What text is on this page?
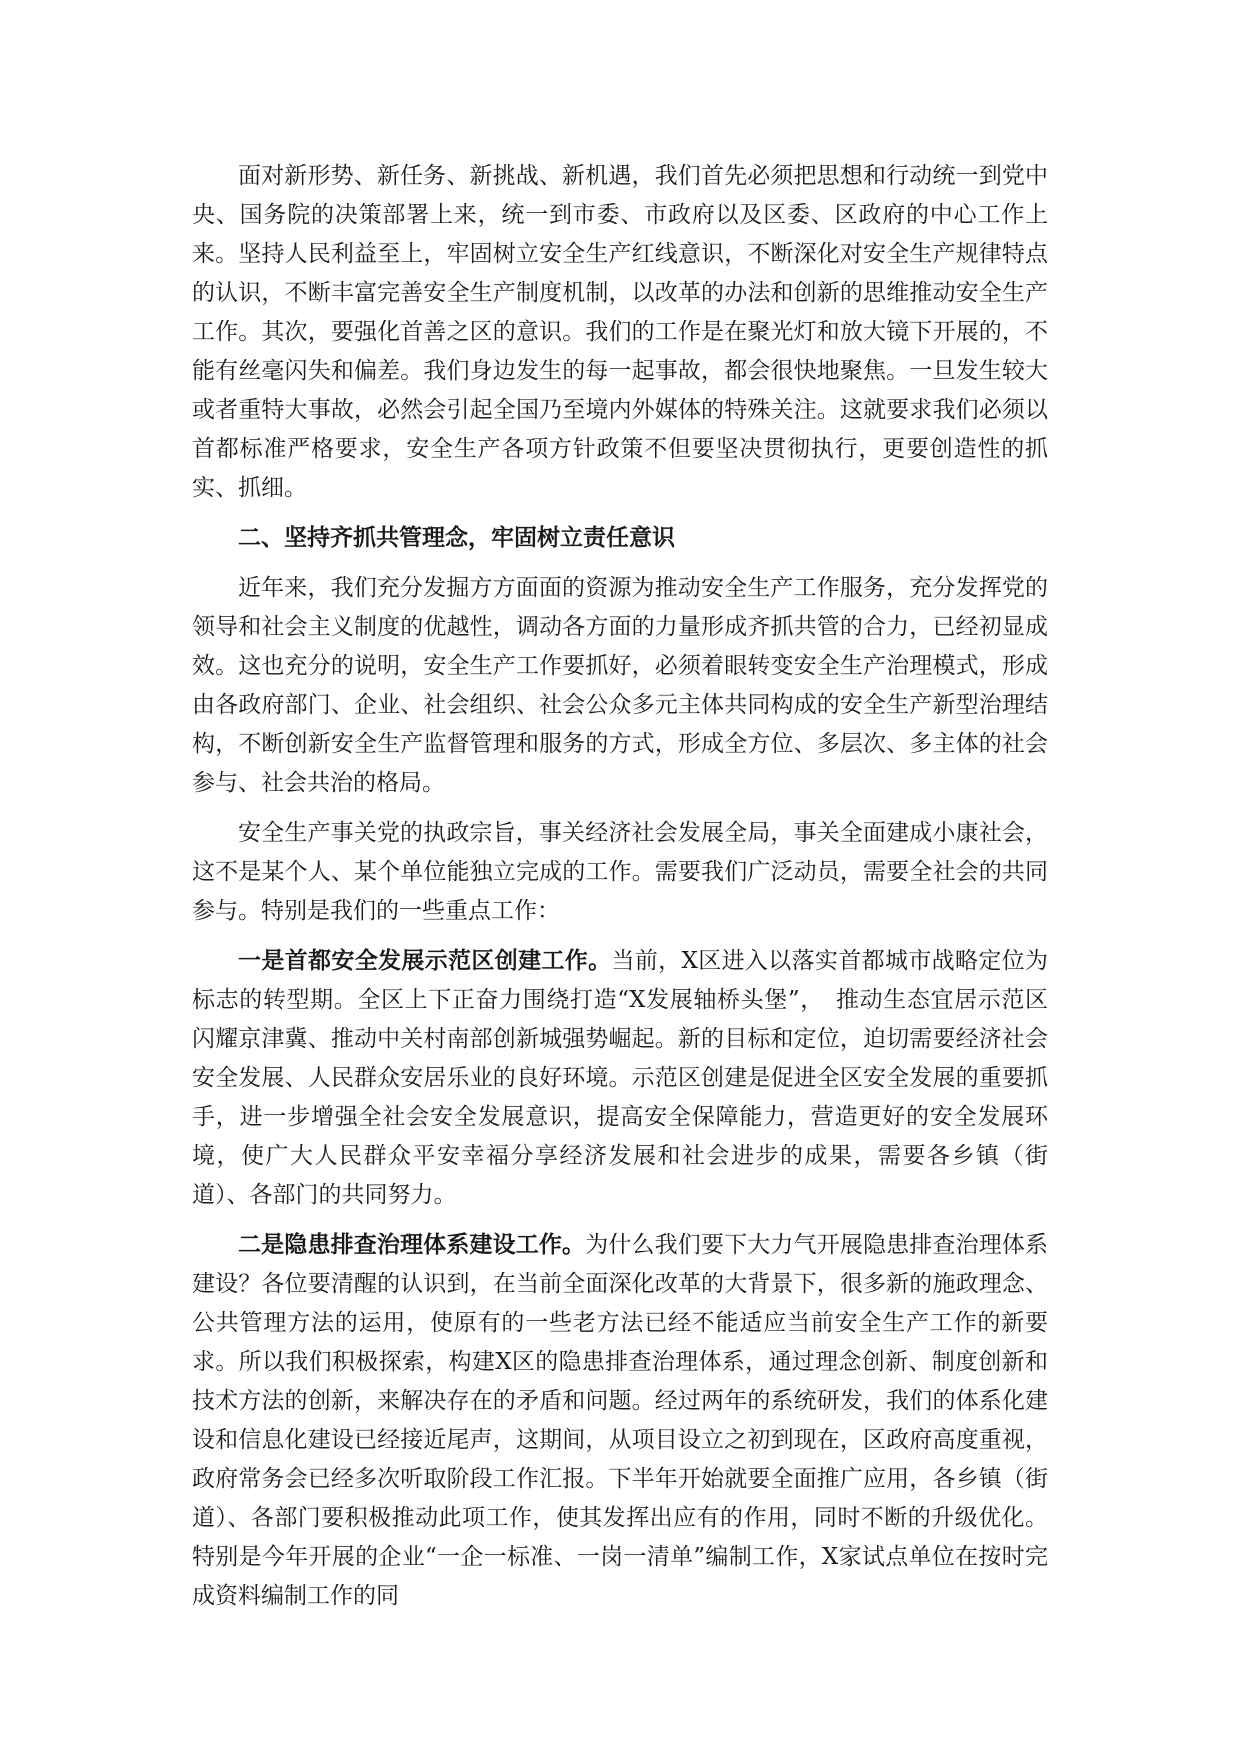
面对新形势、新任务、新挑战、新机遇，我们首先必须把思想和行动统一到党中央、国务院的决策部署上来，统一到市委、市政府以及区委、区政府的中心工作上来。坚持人民利益至上，牢固树立安全生产红线意识，不断深化对安全生产规律特点的认识，不断丰富完善安全生产制度机制，以改革的办法和创新的思维推动安全生产工作。其次，要强化首善之区的意识。我们的工作是在聚光灯和放大镜下开展的，不能有丝毫闪失和偏差。我们身边发生的每一起事故，都会很快地聚焦。一旦发生较大或者重特大事故，必然会引起全国乃至境内外媒体的特殊关注。这就要求我们必须以首都标准严格要求，安全生产各项方针政策不但要坚决贯彻执行，更要创造性的抓实、抓细。

二、坚持齐抓共管理念，牢固树立责任意识

近年来，我们充分发掘方方面面的资源为推动安全生产工作服务，充分发挥党的领导和社会主义制度的优越性，调动各方面的力量形成齐抓共管的合力，已经初显成效。这也充分的说明，安全生产工作要抓好，必须着眼转变安全生产治理模式，形成由各政府部门、企业、社会组织、社会公众多元主体共同构成的安全生产新型治理结构，不断创新安全生产监督管理和服务的方式，形成全方位、多层次、多主体的社会参与、社会共治的格局。

安全生产事关党的执政宗旨，事关经济社会发展全局，事关全面建成小康社会，这不是某个人、某个单位能独立完成的工作。需要我们广泛动员，需要全社会的共同参与。特别是我们的一些重点工作：

一是首都安全发展示范区创建工作。当前，X区进入以落实首都城市战略定位为标志的转型期。全区上下正奋力围绕打造“X发展轴桥头堡”，　推动生态宜居示范区闪耀京津冀、推动中关村南部创新城强势崛起。新的目标和定位，迫切需要经济社会安全发展、人民群众安居乐业的良好环境。示范区创建是促进全区安全发展的重要抓手，进一步增强全社会安全发展意识，提高安全保障能力，营造更好的安全发展环境，使广大人民群众平安幸福分享经济发展和社会进步的成果，需要各乡镇（街道）、各部门的共同努力。

二是隐患排查治理体系建设工作。为什么我们要下大力气开展隐患排查治理体系建设？各位要清醒的认识到，在当前全面深化改革的大背景下，很多新的施政理念、公共管理方法的运用，使原有的一些老方法已经不能适应当前安全生产工作的新要求。所以我们积极探索，构建X区的隐患排查治理体系，通过理念创新、制度创新和技术方法的创新，来解决存在的矛盾和问题。经过两年的系统研发，我们的体系化建设和信息化建设已经接近尾声，这期间，从项目设立之初到现在，区政府高度重视，政府常务会已经多次听取阶段工作汇报。下半年开始就要全面推广应用，各乡镇（街道）、各部门要积极推动此项工作，使其发挥出应有的作用，同时不断的升级优化。特别是今年开展的企业“一企一标准、一岗一清单”编制工作，X家试点单位在按时完成资料编制工作的同
